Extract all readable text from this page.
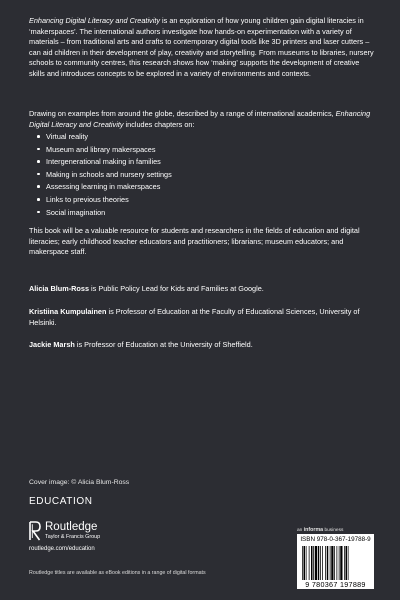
Enhancing Digital Literacy and Creativity is an exploration of how young children gain digital literacies in ‘makerspaces’. The international authors investigate how hands-on experimentation with a variety of materials – from traditional arts and crafts to contemporary digital tools like 3D printers and laser cutters – can aid children in their development of play, creativity and storytelling. From museums to libraries, nursery schools to community centres, this research shows how ‘making’ supports the development of creative skills and introduces concepts to be explored in a variety of environments and contexts.

Drawing on examples from around the globe, described by a range of international academics, Enhancing Digital Literacy and Creativity includes chapters on:

Virtual reality
Museum and library makerspaces
Intergenerational making in families
Making in schools and nursery settings
Assessing learning in makerspaces
Links to previous theories
Social imagination

This book will be a valuable resource for students and researchers in the fields of education and digital literacies; early childhood teacher educators and practitioners; librarians; museum educators; and makerspace staff.

Alicia Blum-Ross is Public Policy Lead for Kids and Families at Google.

Kristiina Kumpulainen is Professor of Education at the Faculty of Educational Sciences, University of Helsinki.

Jackie Marsh is Professor of Education at the University of Sheffield.

Cover image: © Alicia Blum-Ross
EDUCATION
Routledge
Taylor & Francis Group
routledge.com/education
Routledge titles are available as eBook editions in a range of digital formats
an informa business
ISBN 978-0-367-19788-9
9 780367 197889
